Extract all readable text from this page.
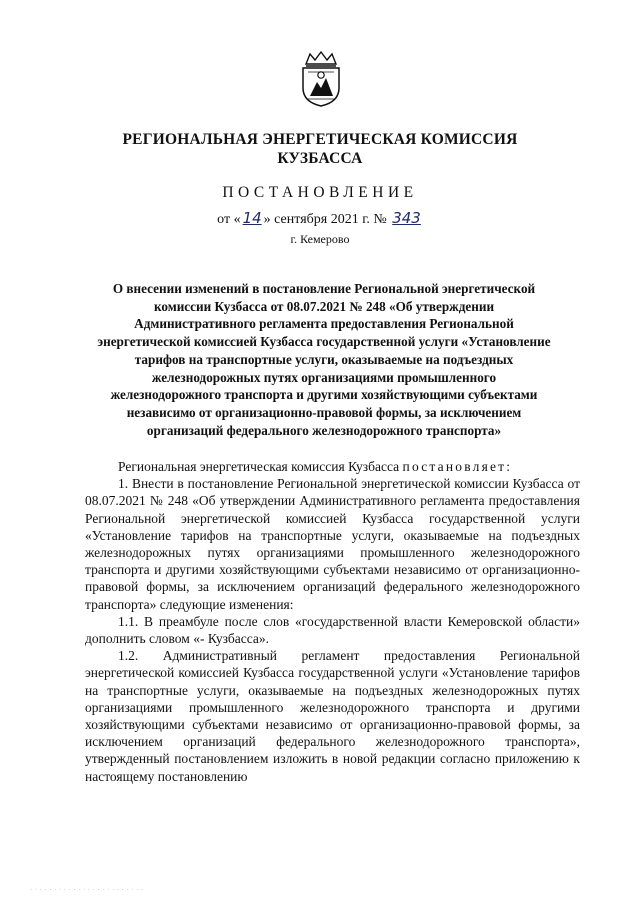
РЕГИОНАЛЬНАЯ ЭНЕРГЕТИЧЕСКАЯ КОМИССИЯ
КУЗБАССА
ПОСТАНОВЛЕНИЕ
от « 14 » сентября 2021 г. № 343
г. Кемерово
О внесении изменений в постановление Региональной энергетической комиссии Кузбасса от 08.07.2021 № 248 «Об утверждении Административного регламента предоставления Региональной энергетической комиссией Кузбасса государственной услуги «Установление тарифов на транспортные услуги, оказываемые на подъездных железнодорожных путях организациями промышленного железнодорожного транспорта и другими хозяйствующими субъектами независимо от организационно-правовой формы, за исключением организаций федерального железнодорожного транспорта»

Региональная энергетическая комиссия Кузбасса постановляет:

1. Внести в постановление Региональной энергетической комиссии Кузбасса от 08.07.2021 № 248 «Об утверждении Административного регламента предоставления Региональной энергетической комиссией Кузбасса государственной услуги «Установление тарифов на транспортные услуги, оказываемые на подъездных железнодорожных путях организациями промышленного железнодорожного транспорта и другими хозяйствующими субъектами независимо от организационно-правовой формы, за исключением организаций федерального железнодорожного транспорта» следующие изменения:

1.1. В преамбуле после слов «государственной власти Кемеровской области» дополнить словом «- Кузбасса».

1.2. Административный регламент предоставления Региональной энергетической комиссией Кузбасса государственной услуги «Установление тарифов на транспортные услуги, оказываемые на подъездных железнодорожных путях организациями промышленного железнодорожного транспорта и другими хозяйствующими субъектами независимо от организационно-правовой формы, за исключением организаций федерального железнодорожного транспорта», утвержденный постановлением изложить в новой редакции согласно приложению к настоящему постановлению

· · · · · · · · · · · · · · · · · · · · · · · ·
